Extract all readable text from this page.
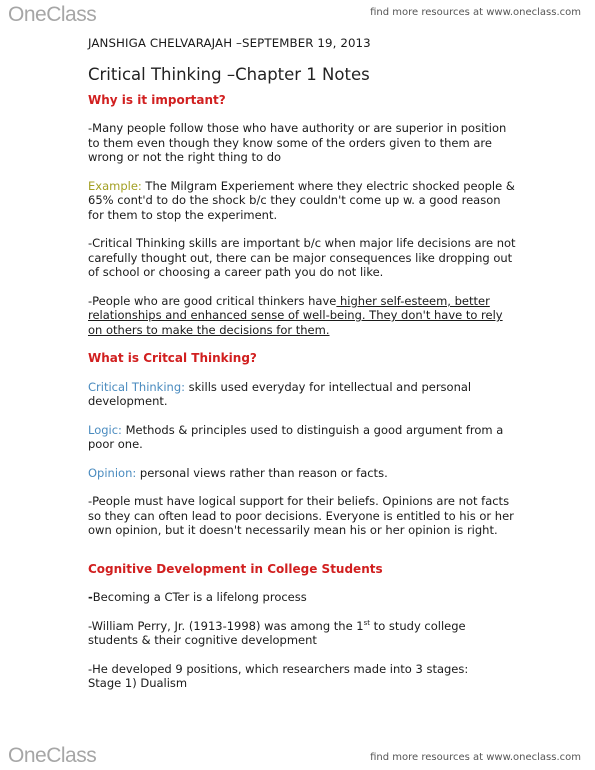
OneClass	find more resources at www.oneclass.com
JANSHIGA CHELVARAJAH –SEPTEMBER 19, 2013
Critical Thinking –Chapter 1 Notes
Why is it important?

-Many people follow those who have authority or are superior in position to them even though they know some of the orders given to them are wrong or not the right thing to do

Example: The Milgram Experiement where they electric shocked people & 65% cont'd to do the shock b/c they couldn't come up w. a good reason for them to stop the experiment.

-Critical Thinking skills are important b/c when major life decisions are not carefully thought out, there can be major consequences like dropping out of school or choosing a career path you do not like.

-People who are good critical thinkers have higher self-esteem, better relationships and enhanced sense of well-being. They don't have to rely on others to make the decisions for them.

What is Critcal Thinking?

Critical Thinking: skills used everyday for intellectual and personal development.

Logic: Methods & principles used to distinguish a good argument from a poor one.

Opinion: personal views rather than reason or facts.

-People must have logical support for their beliefs. Opinions are not facts so they can often lead to poor decisions. Everyone is entitled to his or her own opinion, but it doesn't necessarily mean his or her opinion is right.

Cognitive Development in College Students

-Becoming a CTer is a lifelong process

-William Perry, Jr. (1913-1998) was among the 1st to study college students & their cognitive development

-He developed 9 positions, which researchers made into 3 stages:
Stage 1) Dualism

OneClass	find more resources at www.oneclass.com
